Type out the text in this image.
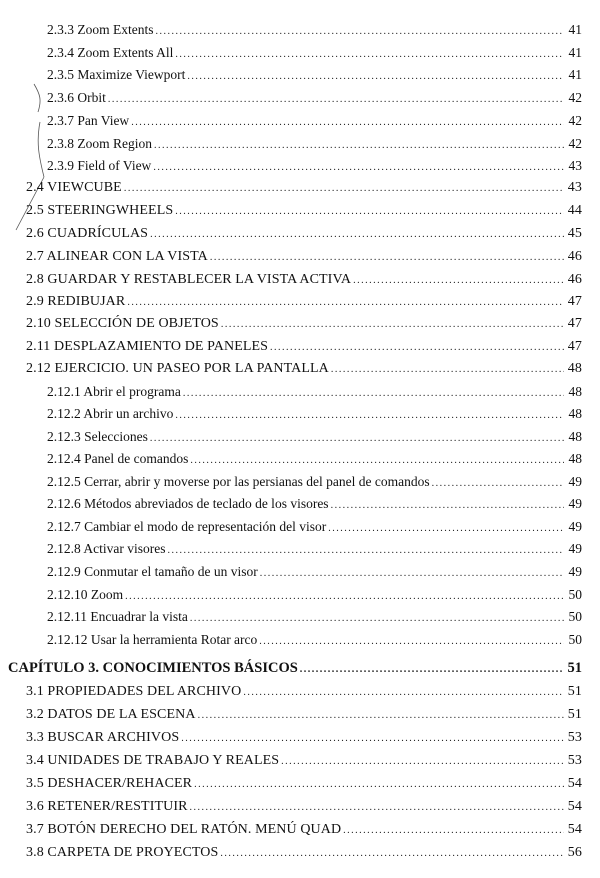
2.3.3 Zoom Extents .....	41
2.3.4 Zoom Extents All .....	41
2.3.5 Maximize Viewport .....	41
2.3.6 Orbit .....	42
2.3.7 Pan View .....	42
2.3.8 Zoom Region .....	42
2.3.9 Field of View .....	43
2.4 VIEWCUBE .....	43
2.5 STEERINGWHEELS .....	44
2.6 CUADRÍCULAS .....	45
2.7 ALINEAR CON LA VISTA .....	46
2.8 GUARDAR Y RESTABLECER LA VISTA ACTIVA .....	46
2.9 REDIBUJAR .....	47
2.10 SELECCIÓN DE OBJETOS .....	47
2.11 DESPLAZAMIENTO DE PANELES .....	47
2.12 EJERCICIO. UN PASEO POR LA PANTALLA .....	48
2.12.1 Abrir el programa .....	48
2.12.2 Abrir un archivo .....	48
2.12.3 Selecciones .....	48
2.12.4 Panel de comandos .....	48
2.12.5 Cerrar, abrir y moverse por las persianas del panel de comandos .....	49
2.12.6 Métodos abreviados de teclado de los visores .....	49
2.12.7 Cambiar el modo de representación del visor .....	49
2.12.8 Activar visores .....	49
2.12.9 Conmutar el tamaño de un visor .....	49
2.12.10 Zoom .....	50
2.12.11 Encuadrar la vista .....	50
2.12.12 Usar la herramienta Rotar arco .....	50
CAPÍTULO 3. CONOCIMIENTOS BÁSICOS .....	51
3.1 PROPIEDADES DEL ARCHIVO .....	51
3.2 DATOS DE LA ESCENA .....	51
3.3 BUSCAR ARCHIVOS .....	53
3.4 UNIDADES DE TRABAJO Y REALES .....	53
3.5 DESHACER/REHACER .....	54
3.6 RETENER/RESTITUIR .....	54
3.7 BOTÓN DERECHO DEL RATÓN. MENÚ QUAD .....	54
3.8 CARPETA DE PROYECTOS .....	56
